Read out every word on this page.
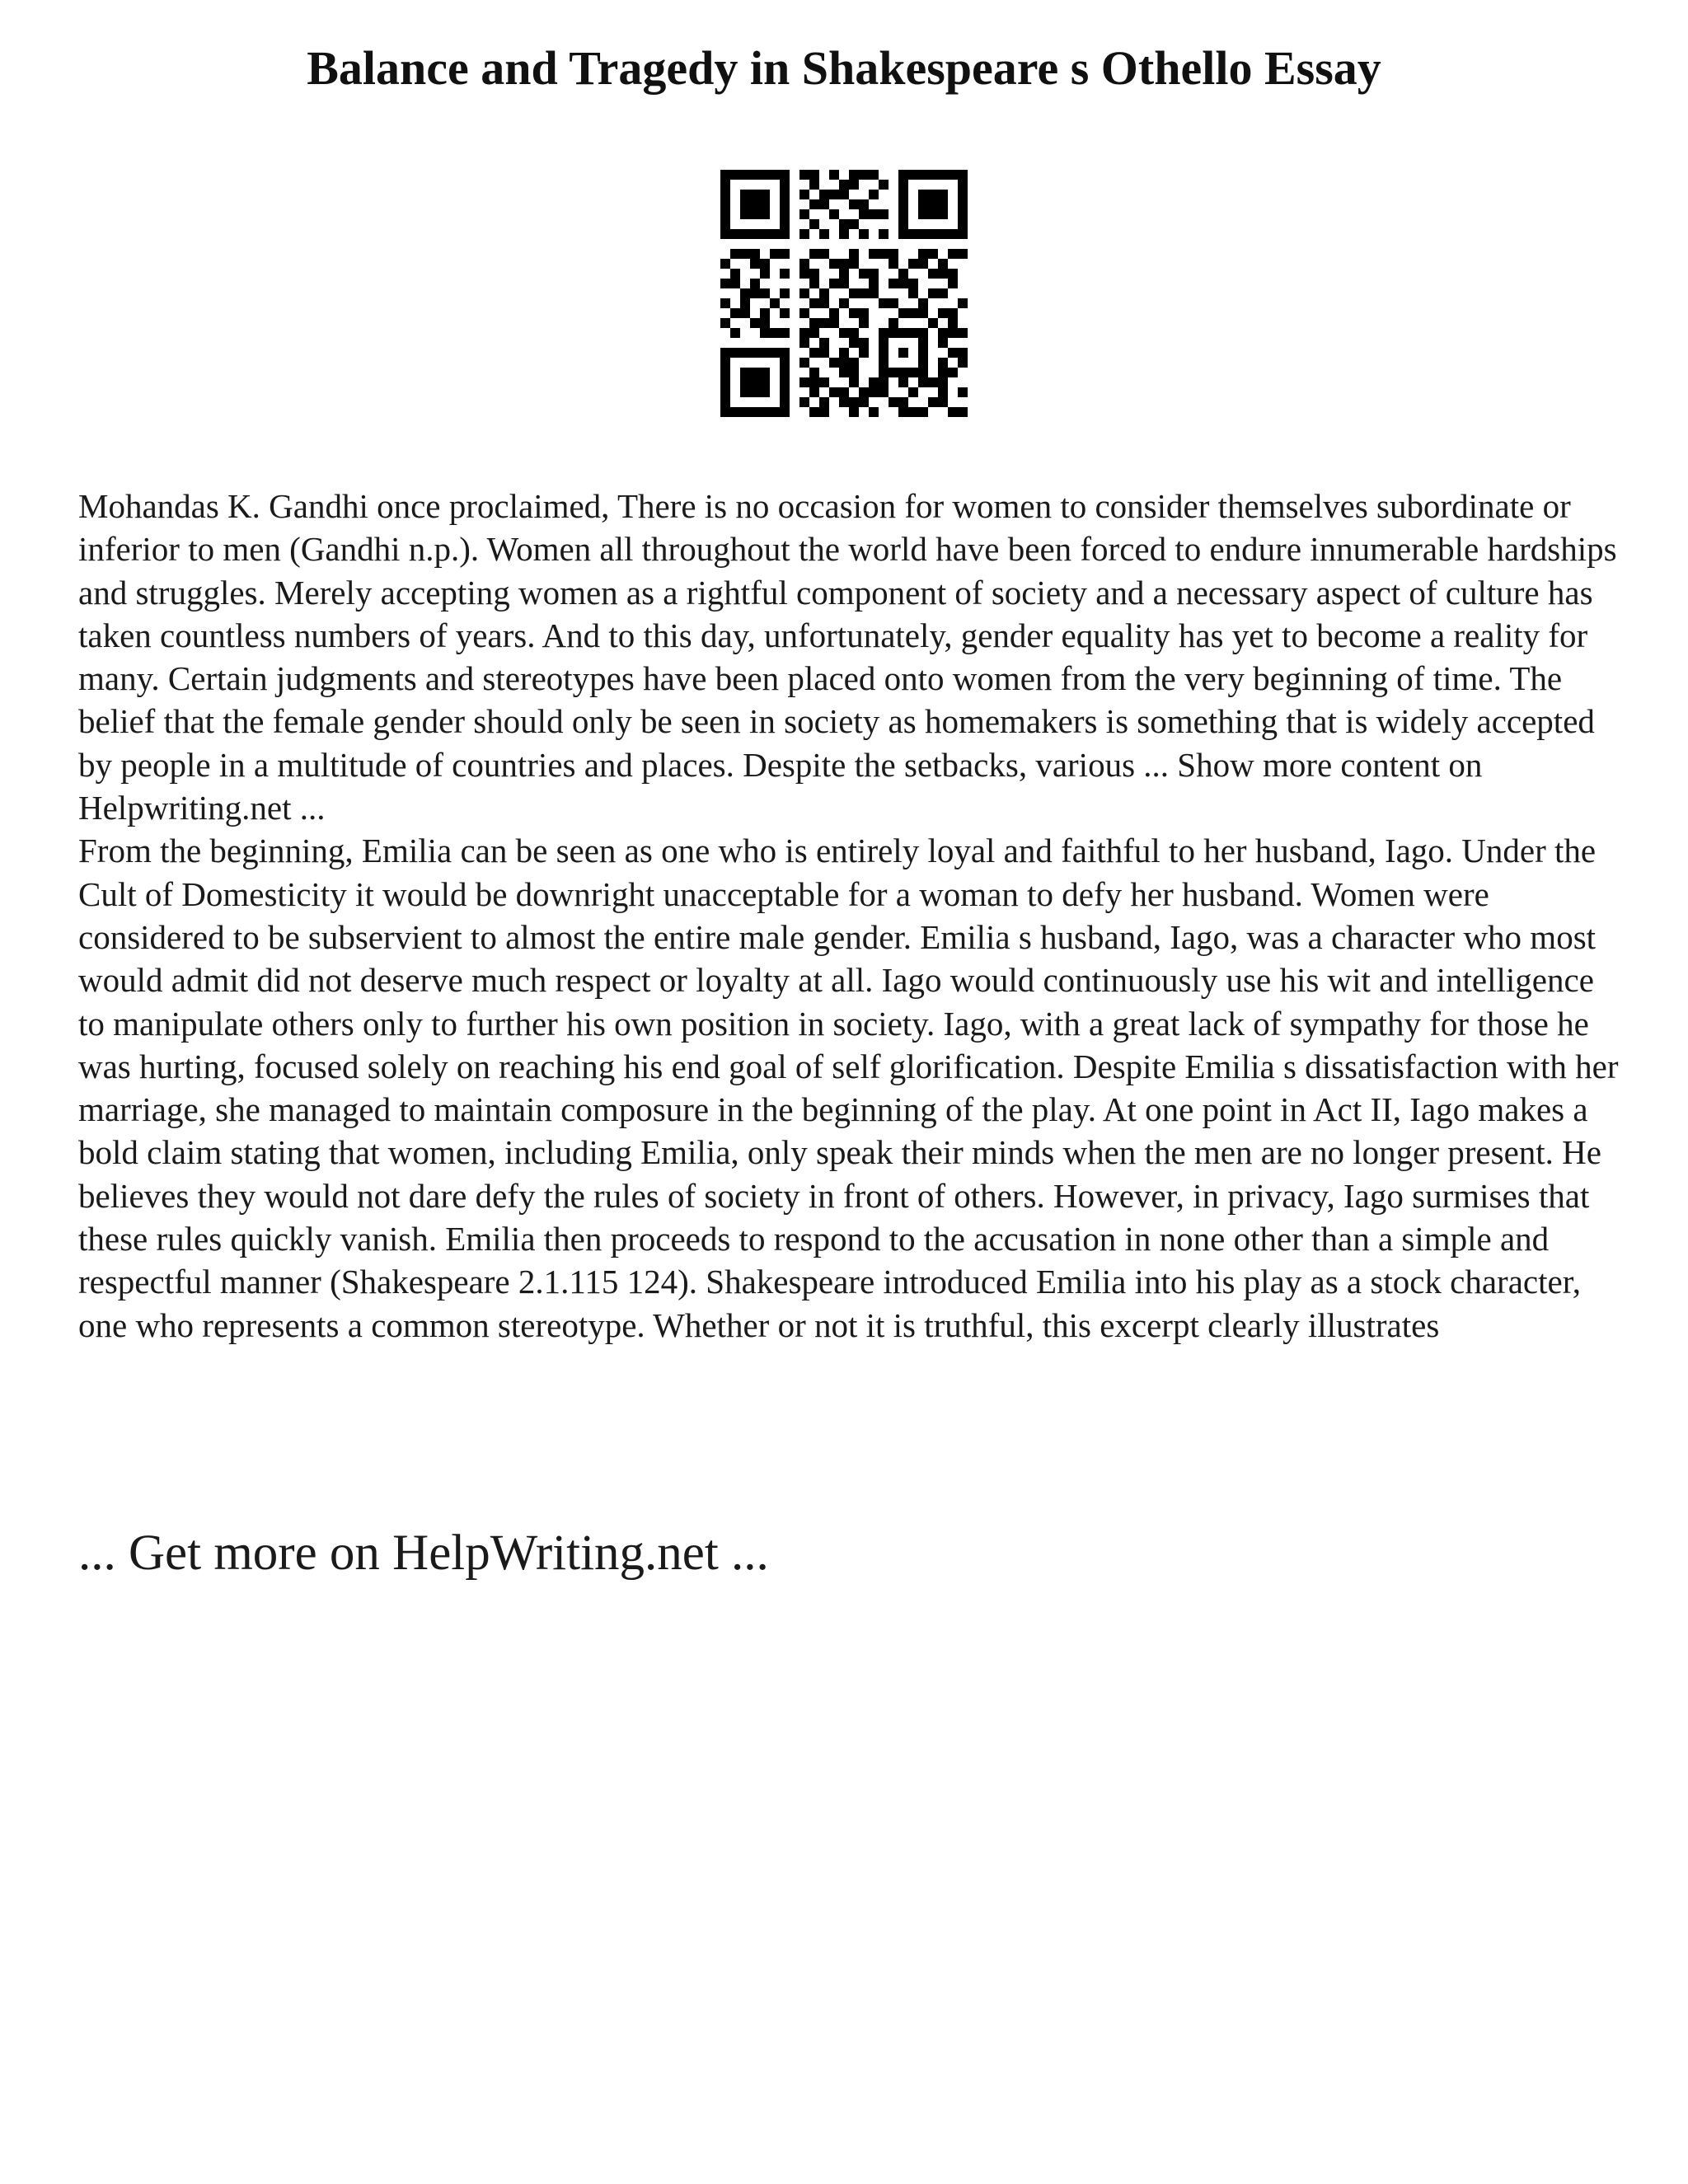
Balance and Tragedy in Shakespeare s Othello Essay

Mohandas K. Gandhi once proclaimed, There is no occasion for women to consider themselves subordinate or inferior to men (Gandhi n.p.). Women all throughout the world have been forced to endure innumerable hardships and struggles. Merely accepting women as a rightful component of society and a necessary aspect of culture has taken countless numbers of years. And to this day, unfortunately, gender equality has yet to become a reality for many. Certain judgments and stereotypes have been placed onto women from the very beginning of time. The belief that the female gender should only be seen in society as homemakers is something that is widely accepted by people in a multitude of countries and places. Despite the setbacks, various ... Show more content on Helpwriting.net ...

From the beginning, Emilia can be seen as one who is entirely loyal and faithful to her husband, Iago. Under the Cult of Domesticity it would be downright unacceptable for a woman to defy her husband. Women were considered to be subservient to almost the entire male gender. Emilia s husband, Iago, was a character who most would admit did not deserve much respect or loyalty at all. Iago would continuously use his wit and intelligence to manipulate others only to further his own position in society. Iago, with a great lack of sympathy for those he was hurting, focused solely on reaching his end goal of self glorification. Despite Emilia s dissatisfaction with her marriage, she managed to maintain composure in the beginning of the play. At one point in Act II, Iago makes a bold claim stating that women, including Emilia, only speak their minds when the men are no longer present. He believes they would not dare defy the rules of society in front of others. However, in privacy, Iago surmises that these rules quickly vanish. Emilia then proceeds to respond to the accusation in none other than a simple and respectful manner (Shakespeare 2.1.115 124). Shakespeare introduced Emilia into his play as a stock character, one who represents a common stereotype. Whether or not it is truthful, this excerpt clearly illustrates

... Get more on HelpWriting.net ...
